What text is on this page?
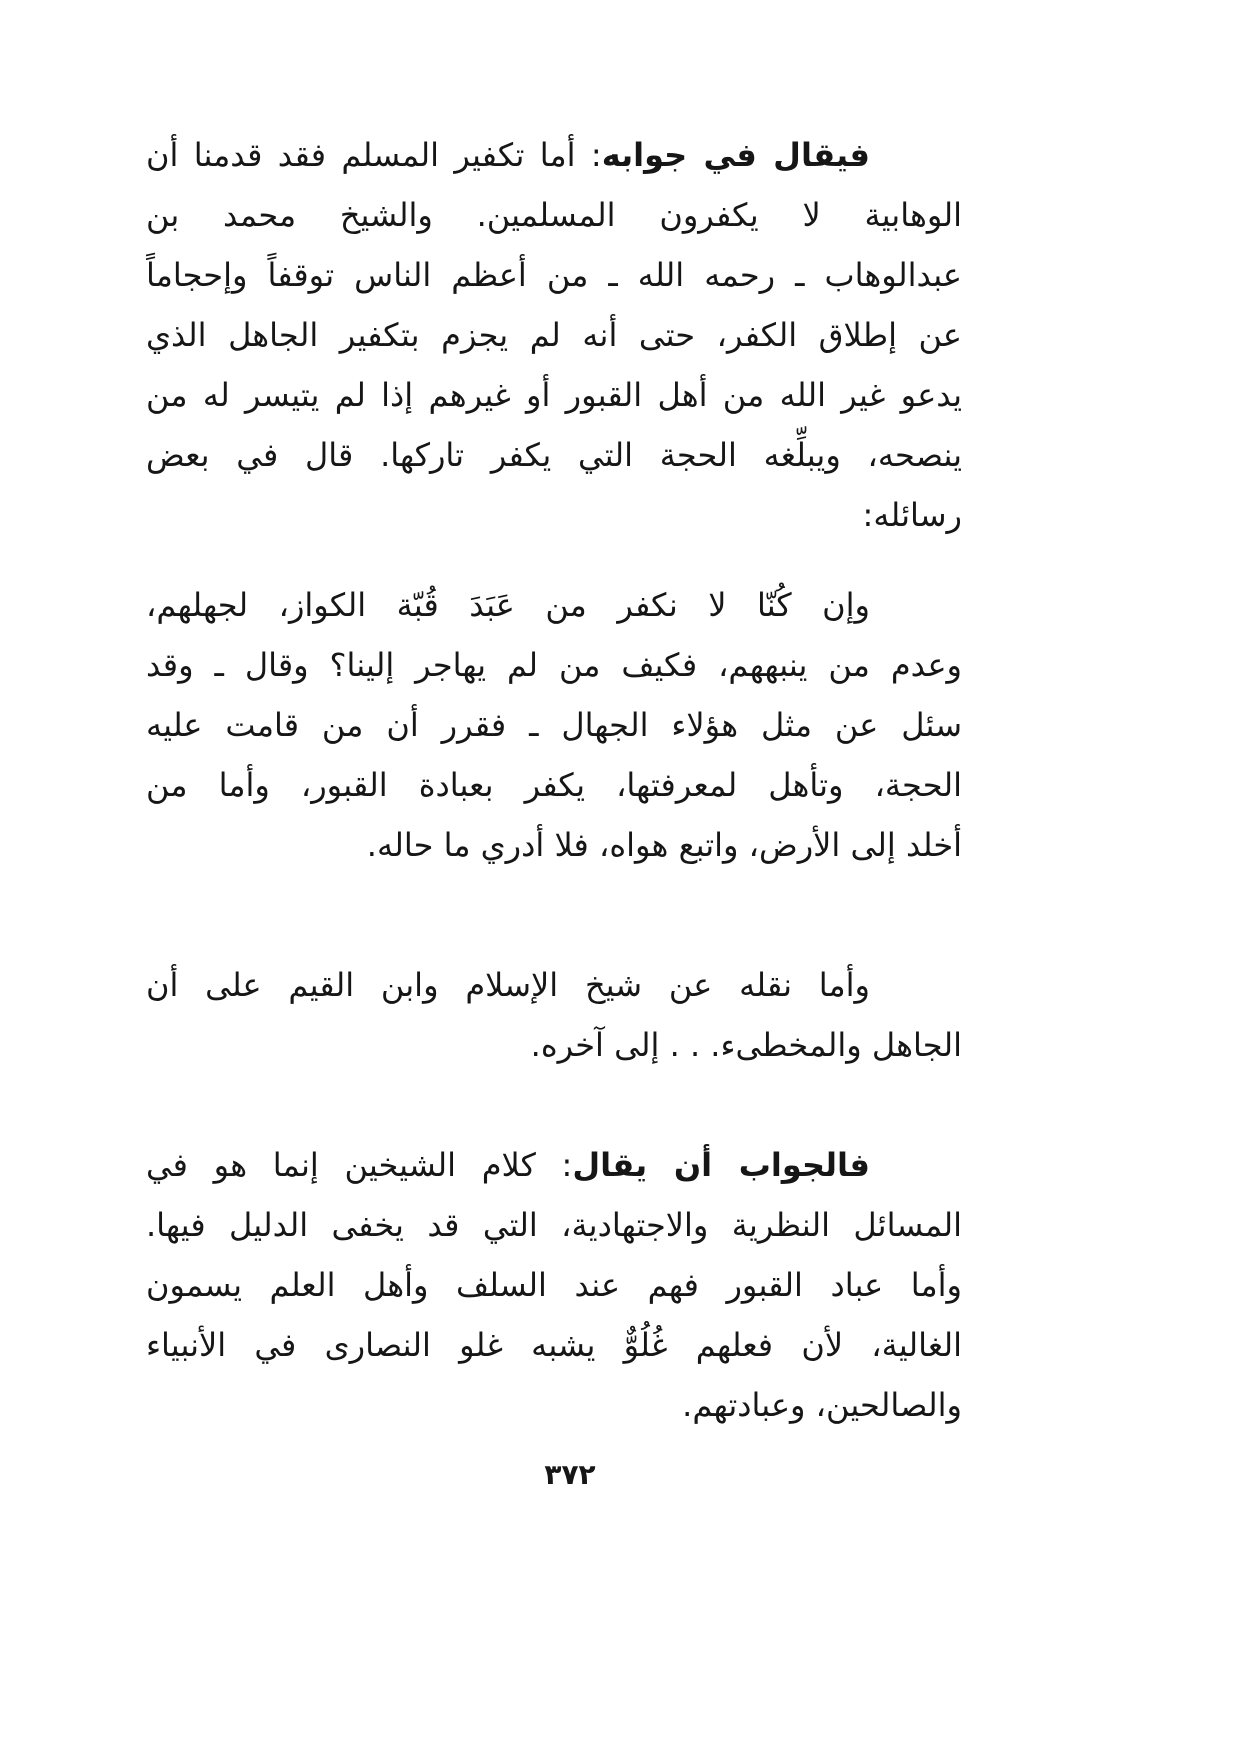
فيقال في جوابه: أما تكفير المسلم فقد قدمنا أن
الوهابية لا يكفرون المسلمين. والشيخ محمد بن
عبدالوهاب ـ رحمه الله ـ من أعظم الناس توقفاً وإحجاماً
عن إطلاق الكفر، حتى أنه لم يجزم بتكفير الجاهل الذي
يدعو غير الله من أهل القبور أو غيرهم إذا لم يتيسر له من
ينصحه، ويبلِّغه الحجة التي يكفر تاركها. قال في بعض
رسائله:
وإن كُنّا لا نكفر من عَبَدَ قُبّة الكواز، لجهلهم،
وعدم من ينبههم، فكيف من لم يهاجر إلينا؟ وقال ـ وقد
سئل عن مثل هؤلاء الجهال ـ فقرر أن من قامت عليه
الحجة، وتأهل لمعرفتها، يكفر بعبادة القبور، وأما من
أخلد إلى الأرض، واتبع هواه، فلا أدري ما حاله.
وأما نقله عن شيخ الإسلام وابن القيم على أن
الجاهل والمخطىء. . . إلى آخره.
فالجواب أن يقال: كلام الشيخين إنما هو في
المسائل النظرية والاجتهادية، التي قد يخفى الدليل فيها.
وأما عباد القبور فهم عند السلف وأهل العلم يسمون
الغالية، لأن فعلهم غُلُوٌّ يشبه غلو النصارى في الأنبياء
والصالحين، وعبادتهم.
٣٧٢
